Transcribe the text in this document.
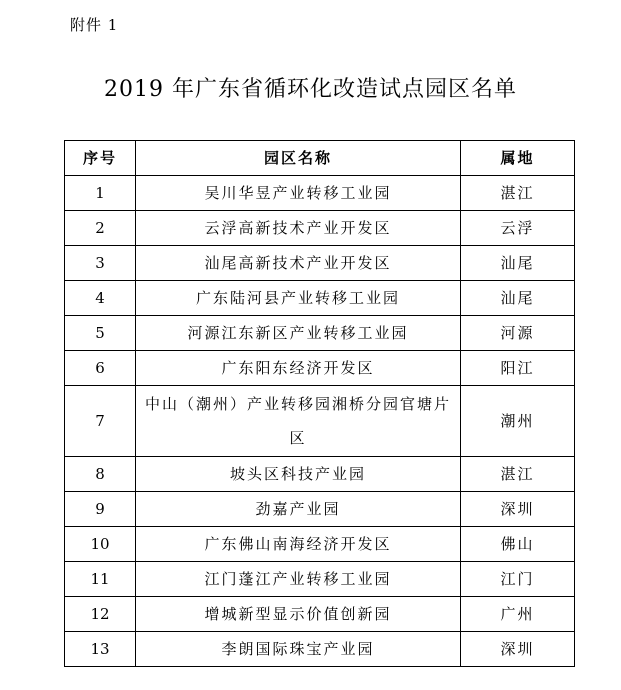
附件 1
2019 年广东省循环化改造试点园区名单
序号	园区名称	属地
1	吴川华昱产业转移工业园	湛江
2	云浮高新技术产业开发区	云浮
3	汕尾高新技术产业开发区	汕尾
4	广东陆河县产业转移工业园	汕尾
5	河源江东新区产业转移工业园	河源
6	广东阳东经济开发区	阳江
7	中山（潮州）产业转移园湘桥分园官塘片区	潮州
8	坡头区科技产业园	湛江
9	劲嘉产业园	深圳
10	广东佛山南海经济开发区	佛山
11	江门蓬江产业转移工业园	江门
12	增城新型显示价值创新园	广州
13	李朗国际珠宝产业园	深圳
